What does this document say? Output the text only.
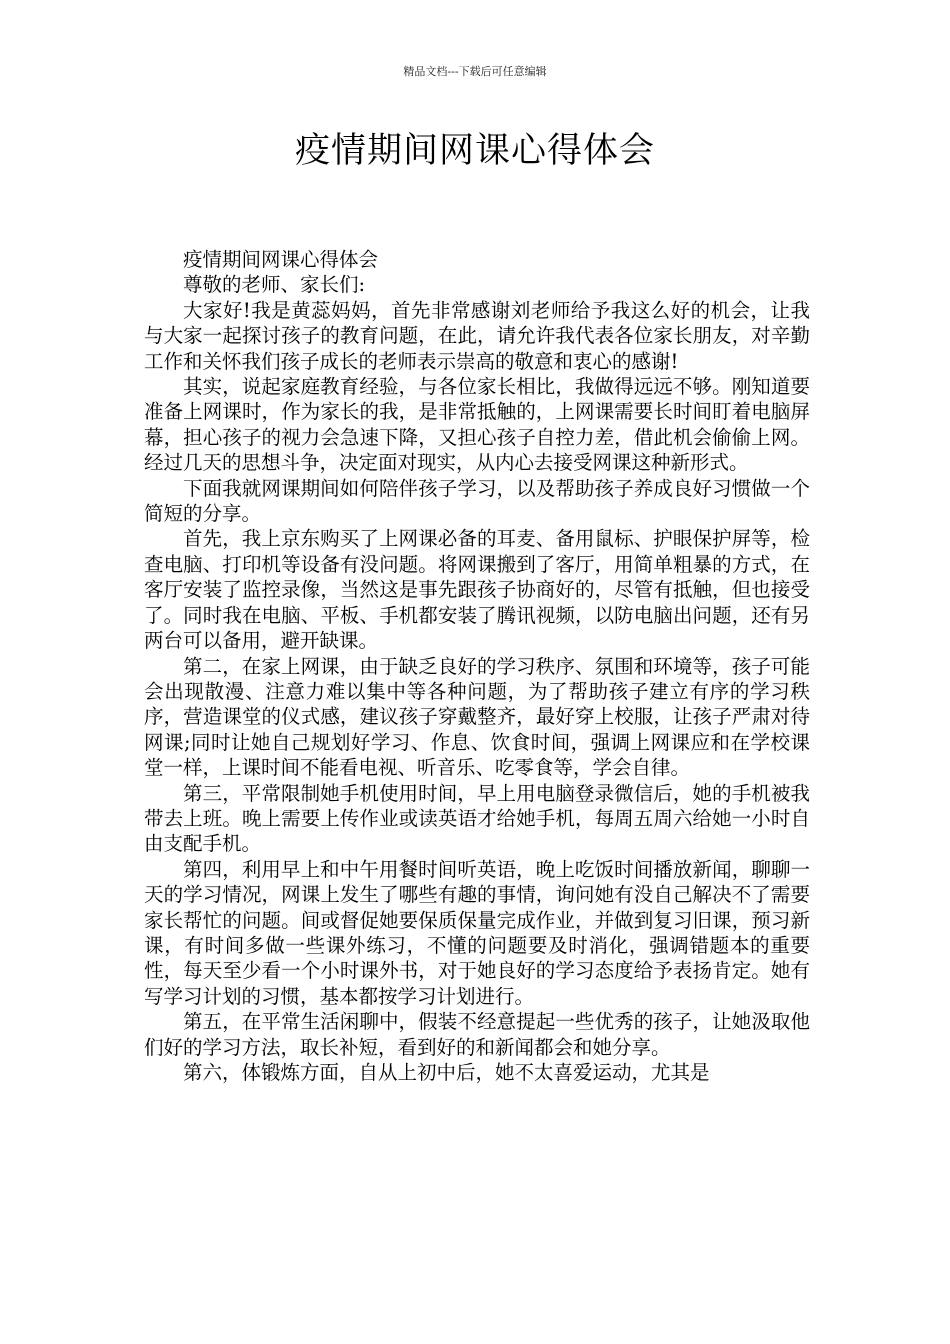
精品文档---下载后可任意编辑
疫情期间网课心得体会

疫情期间网课心得体会

尊敬的老师、家长们:

大家好!我是黄蕊妈妈，首先非常感谢刘老师给予我这么好的机会，让我与大家一起探讨孩子的教育问题，在此，请允许我代表各位家长朋友，对辛勤工作和关怀我们孩子成长的老师表示崇高的敬意和衷心的感谢!

其实，说起家庭教育经验，与各位家长相比，我做得远远不够。刚知道要准备上网课时，作为家长的我，是非常抵触的，上网课需要长时间盯着电脑屏幕，担心孩子的视力会急速下降，又担心孩子自控力差，借此机会偷偷上网。经过几天的思想斗争，决定面对现实，从内心去接受网课这种新形式。

下面我就网课期间如何陪伴孩子学习，以及帮助孩子养成良好习惯做一个简短的分享。

首先，我上京东购买了上网课必备的耳麦、备用鼠标、护眼保护屏等，检查电脑、打印机等设备有没问题。将网课搬到了客厅，用简单粗暴的方式，在客厅安装了监控录像，当然这是事先跟孩子协商好的，尽管有抵触，但也接受了。同时我在电脑、平板、手机都安装了腾讯视频，以防电脑出问题，还有另两台可以备用，避开缺课。

第二，在家上网课，由于缺乏良好的学习秩序、氛围和环境等，孩子可能会出现散漫、注意力难以集中等各种问题，为了帮助孩子建立有序的学习秩序，营造课堂的仪式感，建议孩子穿戴整齐，最好穿上校服，让孩子严肃对待网课;同时让她自己规划好学习、作息、饮食时间，强调上网课应和在学校课堂一样，上课时间不能看电视、听音乐、吃零食等，学会自律。

第三，平常限制她手机使用时间，早上用电脑登录微信后，她的手机被我带去上班。晚上需要上传作业或读英语才给她手机，每周五周六给她一小时自由支配手机。

第四，利用早上和中午用餐时间听英语，晚上吃饭时间播放新闻，聊聊一天的学习情况，网课上发生了哪些有趣的事情，询问她有没自己解决不了需要家长帮忙的问题。间或督促她要保质保量完成作业，并做到复习旧课，预习新课，有时间多做一些课外练习，不懂的问题要及时消化，强调错题本的重要性，每天至少看一个小时课外书，对于她良好的学习态度给予表扬肯定。她有写学习计划的习惯，基本都按学习计划进行。

第五，在平常生活闲聊中，假装不经意提起一些优秀的孩子，让她汲取他们好的学习方法，取长补短，看到好的和新闻都会和她分享。

第六，体锻炼方面，自从上初中后，她不太喜爱运动，尤其是
